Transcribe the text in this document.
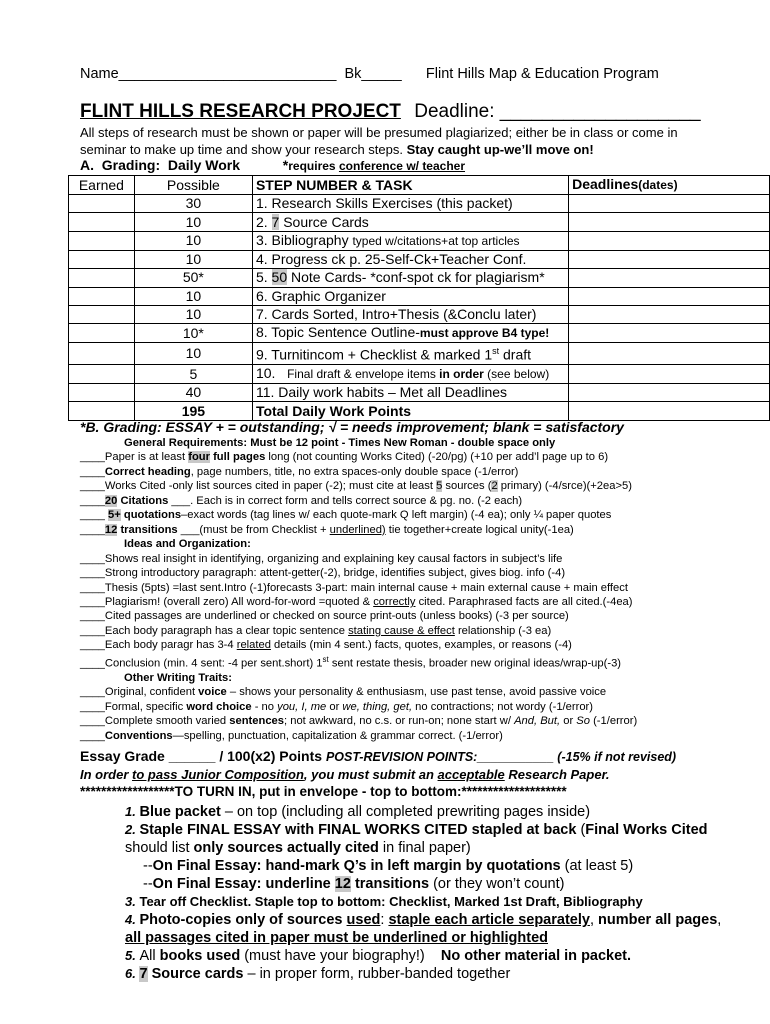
Name___________________________ Bk_____ Flint Hills Map & Education Program
FLINT HILLS RESEARCH PROJECT Deadline: ___________________
All steps of research must be shown or paper will be presumed plagiarized; either be in class or come in seminar to make up time and show your research steps. Stay caught up-we’ll move on!
A.  Grading:  Daily Work	*requires conference w/ teacher
Earned	Possible	STEP NUMBER & TASK	Deadlines(dates)
	30	1. Research Skills Exercises (this packet)	
	10	2. 7 Source Cards	
	10	3. Bibliography typed w/citations+at top articles	
	10	4. Progress ck p. 25-Self-Ck+Teacher Conf.	
	50*	5. 50 Note Cards- *conf-spot ck for plagiarism*	
	10	6. Graphic Organizer	
	10	7. Cards Sorted, Intro+Thesis (&Conclu later)	
	10*	8. Topic Sentence Outline-must approve B4 type!	
	10	9. Turnitincom + Checklist & marked 1st draft	
	5	10.   Final draft & envelope items in order (see below)	
	40	11. Daily work habits – Met all Deadlines	
	195	Total Daily Work Points	
*B. Grading: ESSAY + = outstanding; √ = needs improvement; blank = satisfactory
General Requirements: Must be 12 point - Times New Roman - double space only
____Paper is at least four full pages long (not counting Works Cited) (-20/pg) (+10 per add’l page up to 6)
____Correct heading, page numbers, title, no extra spaces-only double space (-1/error)
____Works Cited -only list sources cited in paper (-2); must cite at least 5 sources (2 primary) (-4/srce)(+2ea>5)
____20 Citations ___. Each is in correct form and tells correct source & pg. no. (-2 each)
____ 5+ quotations–exact words (tag lines w/ each quote-mark Q left margin) (-4 ea); only ¼ paper quotes
____12 transitions ___(must be from Checklist + underlined) tie together+create logical unity(-1ea)
Ideas and Organization:
____Shows real insight in identifying, organizing and explaining key causal factors in subject’s life
____Strong introductory paragraph: attent-getter(-2), bridge, identifies subject, gives biog. info (-4)
____Thesis (5pts) =last sent.Intro (-1)forecasts 3-part: main internal cause + main external cause + main effect
____Plagiarism! (overall zero) All word-for-word =quoted & correctly cited. Paraphrased facts are all cited.(-4ea)
____Cited passages are underlined or checked on source print-outs (unless books) (-3 per source)
____Each body paragraph has a clear topic sentence stating cause & effect relationship (-3 ea)
____Each body paragr has 3-4 related details (min 4 sent.) facts, quotes, examples, or reasons (-4)
____Conclusion (min. 4 sent: -4 per sent.short) 1st sent restate thesis, broader new original ideas/wrap-up(-3)
Other Writing Traits:
____Original, confident voice – shows your personality & enthusiasm, use past tense, avoid passive voice
____Formal, specific word choice - no you, I, me or we, thing, get, no contractions; not wordy (-1/error)
____Complete smooth varied sentences; not awkward, no c.s. or run-on; none start w/ And, But, or So (-1/error)
____Conventions—spelling, punctuation, capitalization & grammar correct. (-1/error)
Essay Grade ______ / 100(x2) Points POST-REVISION POINTS:___________ (-15% if not revised)
In order to pass Junior Composition, you must submit an acceptable Research Paper.
******************TO TURN IN, put in envelope - top to bottom:********************
1. Blue packet – on top (including all completed prewriting pages inside)
2. Staple FINAL ESSAY with FINAL WORKS CITED stapled at back (Final Works Cited should list only sources actually cited in final paper)
--On Final Essay: hand-mark Q’s in left margin by quotations (at least 5)
--On Final Essay: underline 12 transitions (or they won’t count)
3. Tear off Checklist. Staple top to bottom: Checklist, Marked 1st Draft, Bibliography
4. Photo-copies only of sources used: staple each article separately, number all pages, all passages cited in paper must be underlined or highlighted
5. All books used (must have your biography!)    No other material in packet.
6. 7 Source cards – in proper form, rubber-banded together
